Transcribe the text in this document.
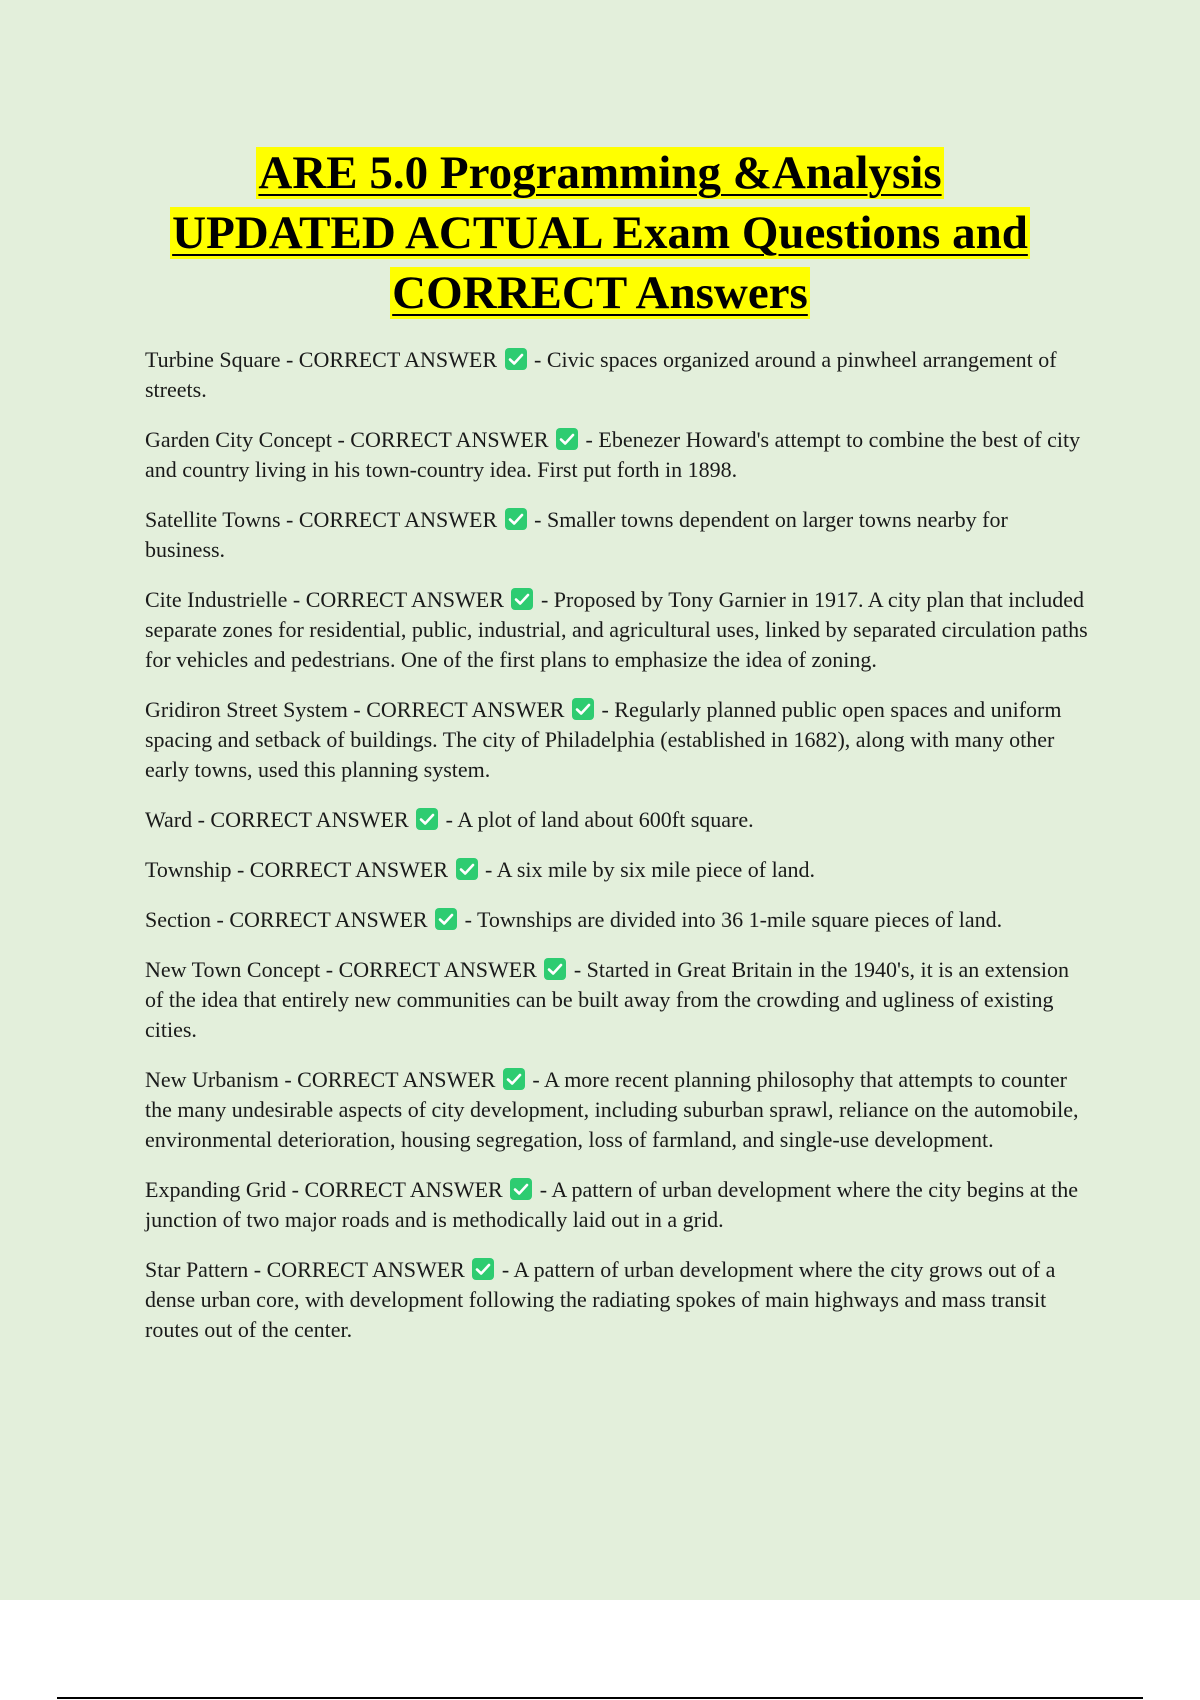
ARE 5.0 Programming &Analysis
UPDATED ACTUAL Exam Questions and
CORRECT Answers

Turbine Square - CORRECT ANSWER
- Civic spaces organized around a pinwheel arrangement of streets.

Garden City Concept - CORRECT ANSWER
- Ebenezer Howard's attempt to combine the best of city and country living in his town-country idea. First put forth in 1898.

Satellite Towns - CORRECT ANSWER
- Smaller towns dependent on larger towns nearby for business.

Cite Industrielle - CORRECT ANSWER
- Proposed by Tony Garnier in 1917. A city plan that included separate zones for residential, public, industrial, and agricultural uses, linked by separated circulation paths for vehicles and pedestrians. One of the first plans to emphasize the idea of zoning.

Gridiron Street System - CORRECT ANSWER
- Regularly planned public open spaces and uniform spacing and setback of buildings. The city of Philadelphia (established in 1682), along with many other early towns, used this planning system.

Ward - CORRECT ANSWER
- A plot of land about 600ft square.

Township - CORRECT ANSWER
- A six mile by six mile piece of land.

Section - CORRECT ANSWER
- Townships are divided into 36 1-mile square pieces of land.

New Town Concept - CORRECT ANSWER
- Started in Great Britain in the 1940's, it is an extension of the idea that entirely new communities can be built away from the crowding and ugliness of existing cities.

New Urbanism - CORRECT ANSWER
- A more recent planning philosophy that attempts to counter the many undesirable aspects of city development, including suburban sprawl, reliance on the automobile, environmental deterioration, housing segregation, loss of farmland, and single-use development.

Expanding Grid - CORRECT ANSWER
- A pattern of urban development where the city begins at the junction of two major roads and is methodically laid out in a grid.

Star Pattern - CORRECT ANSWER
- A pattern of urban development where the city grows out of a dense urban core, with development following the radiating spokes of main highways and mass transit routes out of the center.
